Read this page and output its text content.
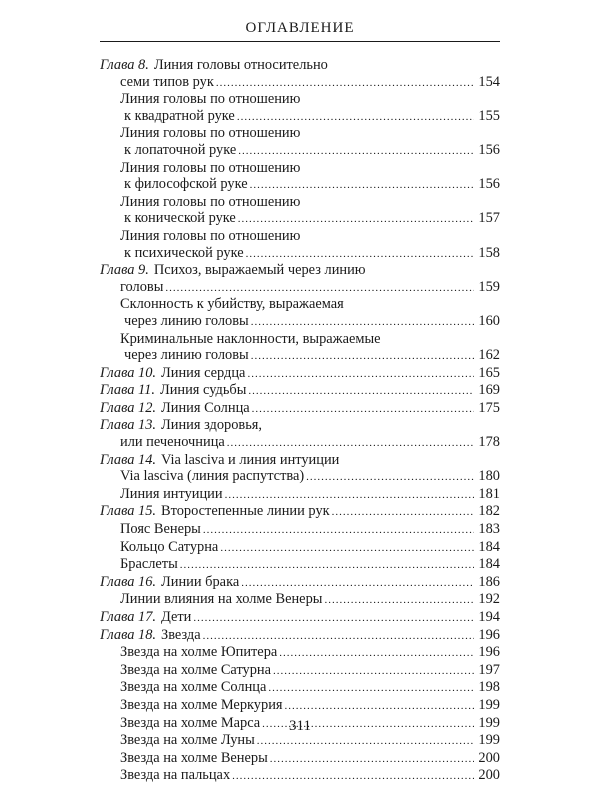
ОГЛАВЛЕНИЕ
Глава 8. Линия головы относительно
семи типов рук .....	154
Линия головы по отношению
к квадратной руке .....	155
Линия головы по отношению
к лопаточной руке .....	156
Линия головы по отношению
к философской руке .....	156
Линия головы по отношению
к конической руке .....	157
Линия головы по отношению
к психической руке .....	158
Глава 9. Психоз, выражаемый через линию
головы .....	159
Склонность к убийству, выражаемая
через линию головы .....	160
Криминальные наклонности, выражаемые
через линию головы .....	162
Глава 10. Линия сердца .....	165
Глава 11. Линия судьбы .....	169
Глава 12. Линия Солнца .....	175
Глава 13. Линия здоровья,
или печеночница .....	178
Глава 14. Via lasciva и линия интуиции
Via lasciva (линия распутства) .....	180
Линия интуиции .....	181
Глава 15. Второстепенные линии рук .....	182
Пояс Венеры .....	183
Кольцо Сатурна .....	184
Браслеты .....	184
Глава 16. Линии брака .....	186
Линии влияния на холме Венеры .....	192
Глава 17. Дети .....	194
Глава 18. Звезда .....	196
Звезда на холме Юпитера .....	196
Звезда на холме Сатурна .....	197
Звезда на холме Солнца .....	198
Звезда на холме Меркурия .....	199
Звезда на холме Марса .....	199
Звезда на холме Луны .....	199
Звезда на холме Венеры .....	200
Звезда на пальцах .....	200
311
